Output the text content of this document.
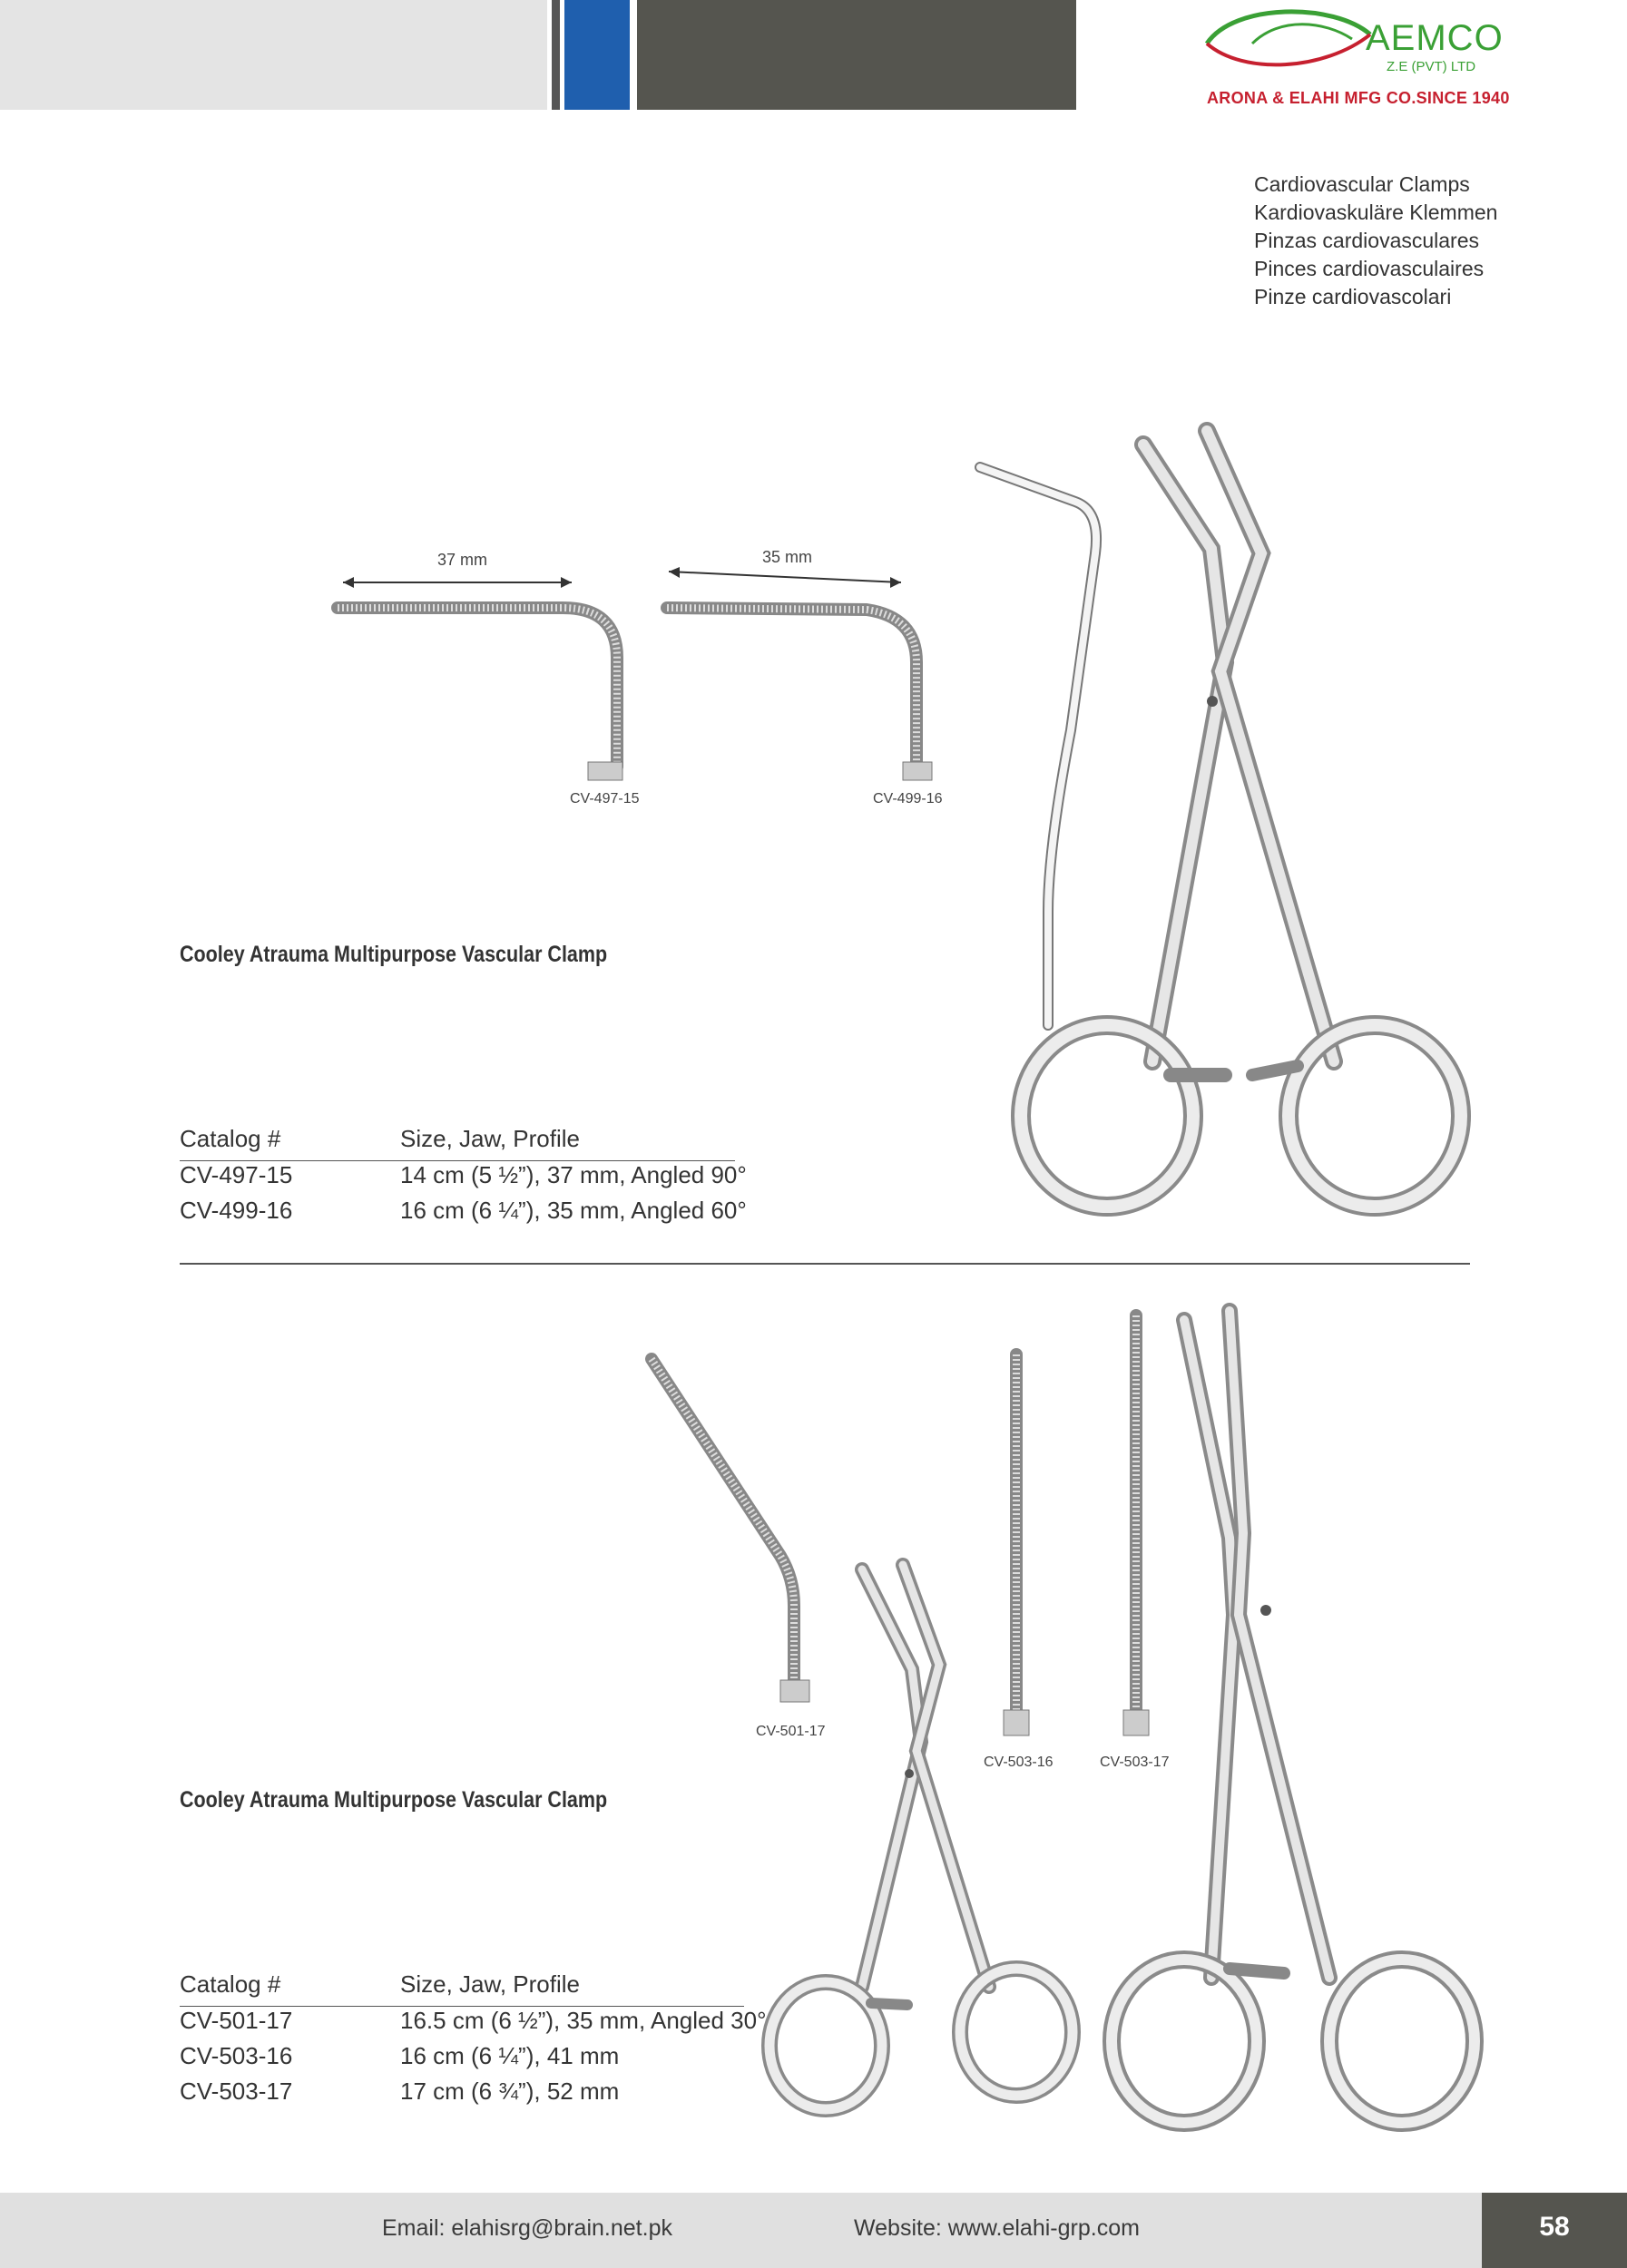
AEMCO
Z.E (PVT) LTD
ARONA & ELAHI MFG CO.SINCE 1940
Cardiovascular Clamps
Kardiovaskuläre Klemmen
Pinzas cardiovasculares
Pinces cardiovasculaires
Pinze cardiovascolari
37 mm	35 mm
CV-497-15	CV-499-16
Cooley Atrauma Multipurpose Vascular Clamp
Catalog #	Size, Jaw, Profile
CV-497-15	14 cm (5 ½”), 37 mm, Angled 90°
CV-499-16	16 cm (6 ¼”), 35 mm, Angled 60°
CV-501-17
CV-503-16	CV-503-17
Cooley Atrauma Multipurpose Vascular Clamp
Catalog #	Size, Jaw, Profile
CV-501-17	16.5 cm (6 ½”), 35 mm, Angled 30°
CV-503-16	16 cm (6 ¼”), 41 mm
CV-503-17	17 cm (6 ¾”), 52 mm
Email: elahisrg@brain.net.pk	Website: www.elahi-grp.com	58
